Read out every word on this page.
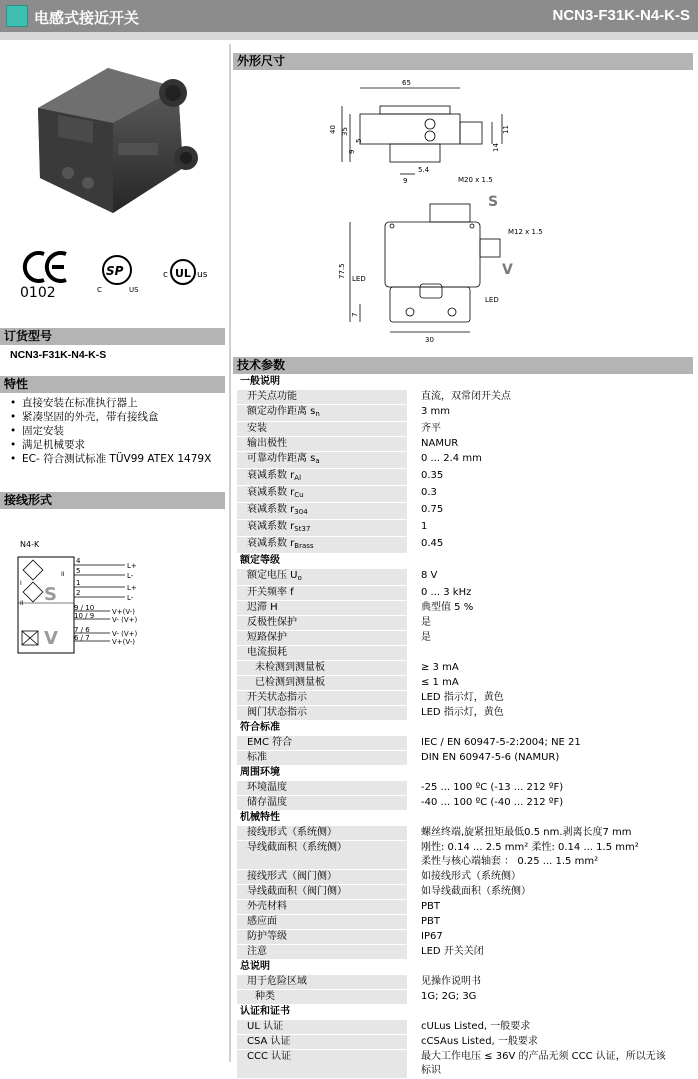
电感式接近开关	NCN3-F31K-N4-K-S
0102
SP
C	US
UL
c	us
订货型号
NCN3-F31K-N4-K-S
特性
• 直接安装在标准执行器上
• 紧凑坚固的外壳，带有接线盒
• 固定安装
• 满足机械要求
• EC- 符合测试标准 TÜV99 ATEX 1479X
接线形式
N4-K
S
V
I
II
II
4
5
1
2
9 / 10
10 / 9
7 / 6
6 / 7
L+
L-
L+
L-
V+(V-)
V- (V+)
V- (V+)
V+(V-)
外形尺寸
65
40 35
9
5
5.4
9
14
11
M20 x 1.5
S
M12 x 1.5
V
LED
LED
77.5
7
30
技术参数
一般说明	
开关点功能	直流，双常闭开关点

额定动作距离 $s_n$	3 mm

安装	齐平

输出极性	NAMUR

可靠动作距离 $s_a$	0 ... 2.4 mm

衰减系数 $r_{Al}$	0.35

衰减系数 $r_{Cu}$	0.3

衰减系数 $r_{304}$	0.75

衰减系数 $r_{St37}$	1

衰减系数 $r_{Brass}$	0.45

额定等级	
额定电压 $U_o$	8 V

开关频率 f	0 ... 3 kHz

迟滞 H	典型值 5 %

反极性保护	是

短路保护	是

电流损耗	

未检测到测量板	≥ 3 mA

已检测到测量板	≤ 1 mA

开关状态指示	LED 指示灯，黄色

阀门状态指示	LED 指示灯，黄色

符合标准	
EMC 符合	IEC / EN 60947-5-2:2004; NE 21

标准	DIN EN 60947-5-6 (NAMUR)

周围环境	
环境温度	-25 ... 100 ºC (-13 ... 212 ºF)

储存温度	-40 ... 100 ºC (-40 ... 212 ºF)

机械特性	
接线形式（系统侧）	螺丝终端,旋紧扭矩最低0.5 nm.剥离长度7 mm

导线截面积（系统侧）	刚性: 0.14 ... 2.5 mm² 柔性: 0.14 ... 1.5 mm²
柔性与核心端轴套 ： 0.25 ... 1.5 mm²

接线形式（阀门侧）	如接线形式（系统侧）

导线截面积（阀门侧）	如导线截面积（系统侧）

外壳材料	PBT

感应面	PBT

防护等级	IP67

注意	LED 开关关闭

总说明	
用于危险区域	见操作说明书

种类	1G; 2G; 3G

认证和证书	
UL 认证	cULus Listed, 一般要求

CSA 认证	cCSAus Listed, 一般要求

CCC 认证	最大工作电压 ≤ 36V 的产品无须 CCC 认证，所以无该
标识
